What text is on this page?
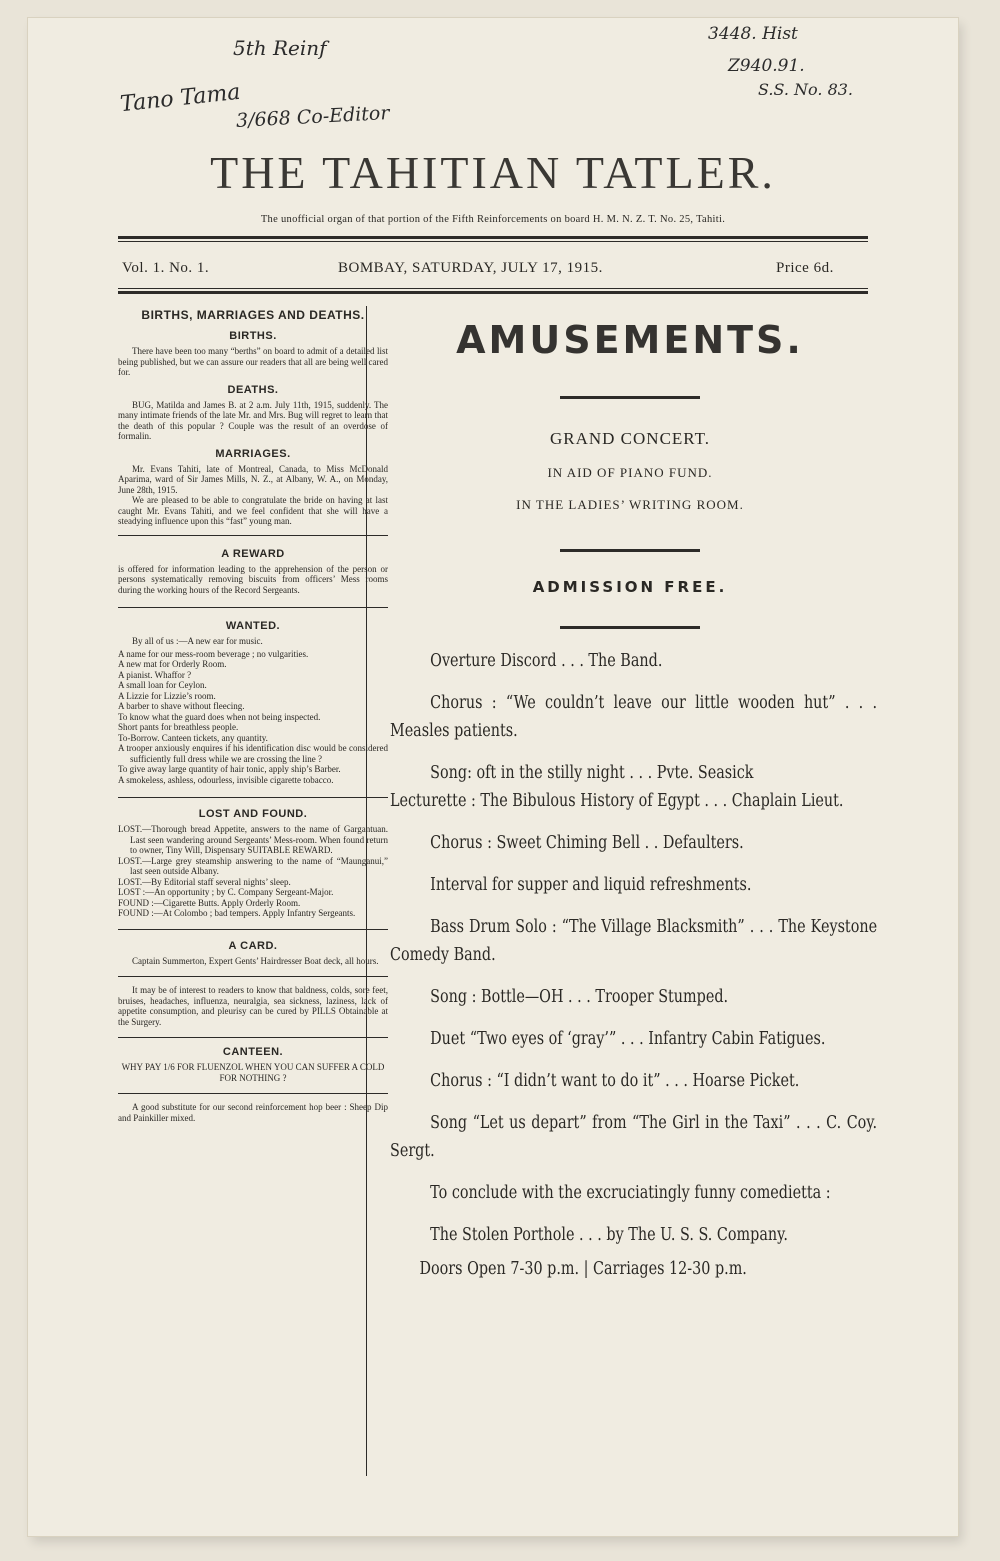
5th Reinf
Tano Tama
3/668 Co-Editor
3448. Hist
Z940.91.
S.S. No. 83.
THE TAHITIAN TATLER.
The unofficial organ of that portion of the Fifth Reinforcements on board H. M. N. Z. T. No. 25, Tahiti.
Vol. 1. No. 1.	BOMBAY, SATURDAY, JULY 17, 1915.	Price 6d.
BIRTHS, MARRIAGES AND DEATHS.
BIRTHS.

There have been too many “berths” on board to admit of a detailed list being published, but we can assure our readers that all are being well cared for.

DEATHS.

BUG, Matilda and James B. at 2 a.m. July 11th, 1915, suddenly. The many intimate friends of the late Mr. and Mrs. Bug will regret to learn that the death of this popular ? Couple was the result of an overdose of formalin.

MARRIAGES.

Mr. Evans Tahiti, late of Montreal, Canada, to Miss McDonald Aparima, ward of Sir James Mills, N. Z., at Albany, W. A., on Monday, June 28th, 1915.

We are pleased to be able to congratulate the bride on having at last caught Mr. Evans Tahiti, and we feel confident that she will have a steadying influence upon this “fast” young man.

A REWARD

is offered for information leading to the apprehension of the person or persons systematically removing biscuits from officers’ Mess rooms during the working hours of the Record Sergeants.

WANTED.

By all of us :—A new ear for music.

A name for our mess-room beverage ; no vulgarities.

A new mat for Orderly Room.

A pianist. Whaffor ?

A small loan for Ceylon.

A Lizzie for Lizzie’s room.

A barber to shave without fleecing.

To know what the guard does when not being inspected.

Short pants for breathless people.

To-Borrow. Canteen tickets, any quantity.

A trooper anxiously enquires if his identification disc would be considered sufficiently full dress while we are crossing the line ?

To give away large quantity of hair tonic, apply ship’s Barber.

A smokeless, ashless, odourless, invisible cigarette tobacco.

LOST AND FOUND.

LOST.—Thorough bread Appetite, answers to the name of Gargantuan. Last seen wandering around Sergeants’ Mess-room. When found return to owner, Tiny Will, Dispensary SUITABLE REWARD.

LOST.—Large grey steamship answering to the name of “Maunganui,” last seen outside Albany.

LOST.—By Editorial staff several nights’ sleep.

LOST :—An opportunity ; by C. Company Sergeant-Major.

FOUND :—Cigarette Butts. Apply Orderly Room.

FOUND :—At Colombo ; bad tempers. Apply Infantry Sergeants.

A CARD.

Captain Summerton, Expert Gents’ Hairdresser Boat deck, all hours.

It may be of interest to readers to know that baldness, colds, sore feet, bruises, headaches, influenza, neuralgia, sea sickness, laziness, lack of appetite consumption, and pleurisy can be cured by PILLS Obtainable at the Surgery.

CANTEEN.

WHY PAY 1/6 FOR FLUENZOL WHEN YOU CAN SUFFER A COLD FOR NOTHING ?

A good substitute for our second reinforcement hop beer : Sheep Dip and Painkiller mixed.

AMUSEMENTS.
GRAND CONCERT.
IN AID OF PIANO FUND.
IN THE LADIES’ WRITING ROOM.
ADMISSION FREE.

Overture Discord . . . The Band.

Chorus : “We couldn’t leave our little wooden hut” . . . Measles patients.

Song: oft in the stilly night . . . Pvte. Seasick

Lecturette : The Bibulous History of Egypt . . . Chaplain Lieut.

Chorus : Sweet Chiming Bell . . Defaulters.

Interval for supper and liquid refreshments.

Bass Drum Solo : “The Village Blacksmith” . . . The Keystone Comedy Band.

Song : Bottle—OH . . . Trooper Stumped.

Duet “Two eyes of ‘gray’” . . . Infantry Cabin Fatigues.

Chorus : “I didn’t want to do it” . . . Hoarse Picket.

Song “Let us depart” from “The Girl in the Taxi” . . . C. Coy. Sergt.

To conclude with the excruciatingly funny comedietta :

The Stolen Porthole . . . by The U. S. S. Company.

Doors Open 7-30 p.m. | Carriages 12-30 p.m.
